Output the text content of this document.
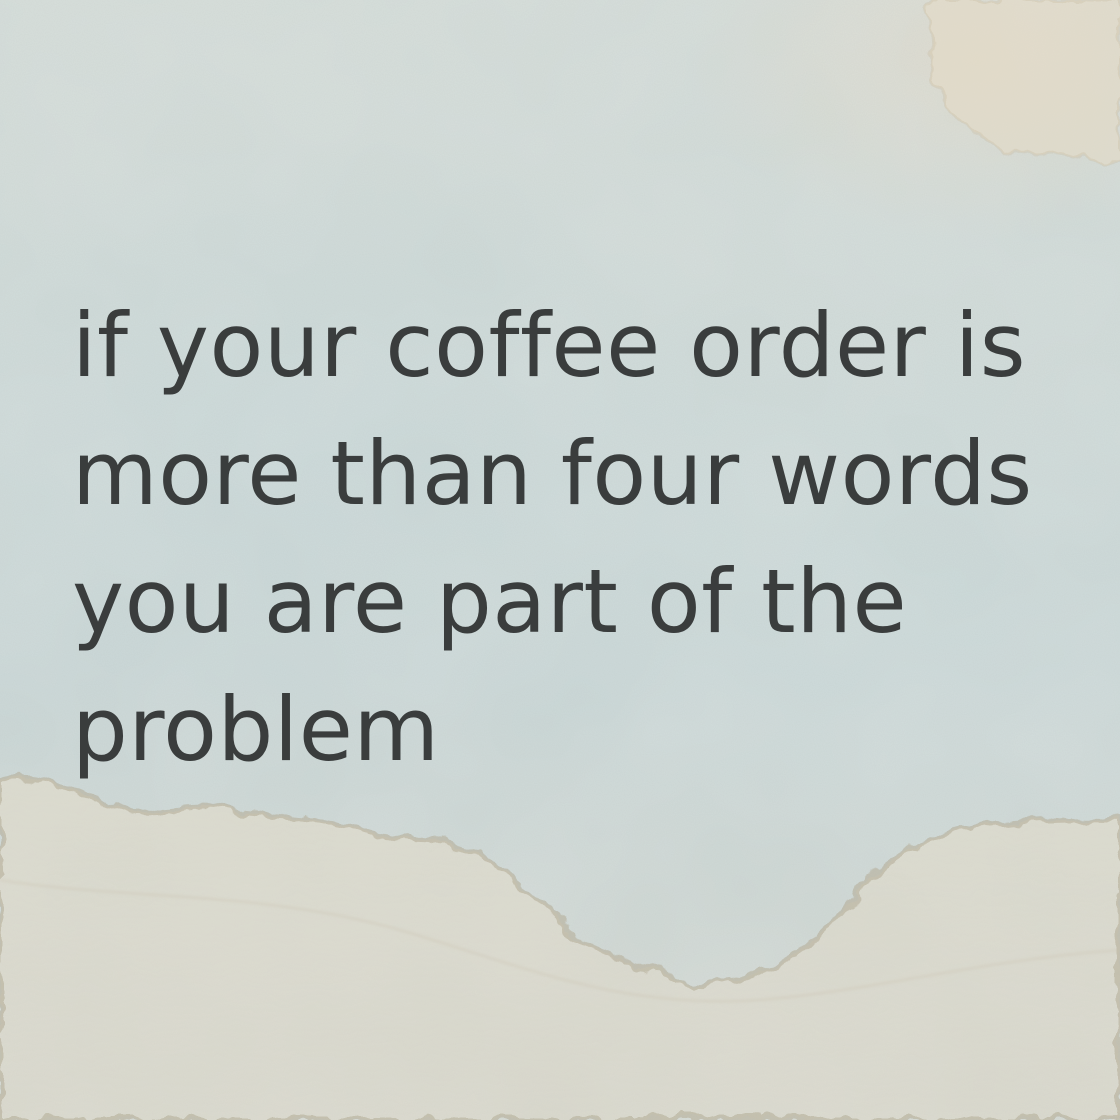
if your coffee order is
more than four words
you are part of the
problem
